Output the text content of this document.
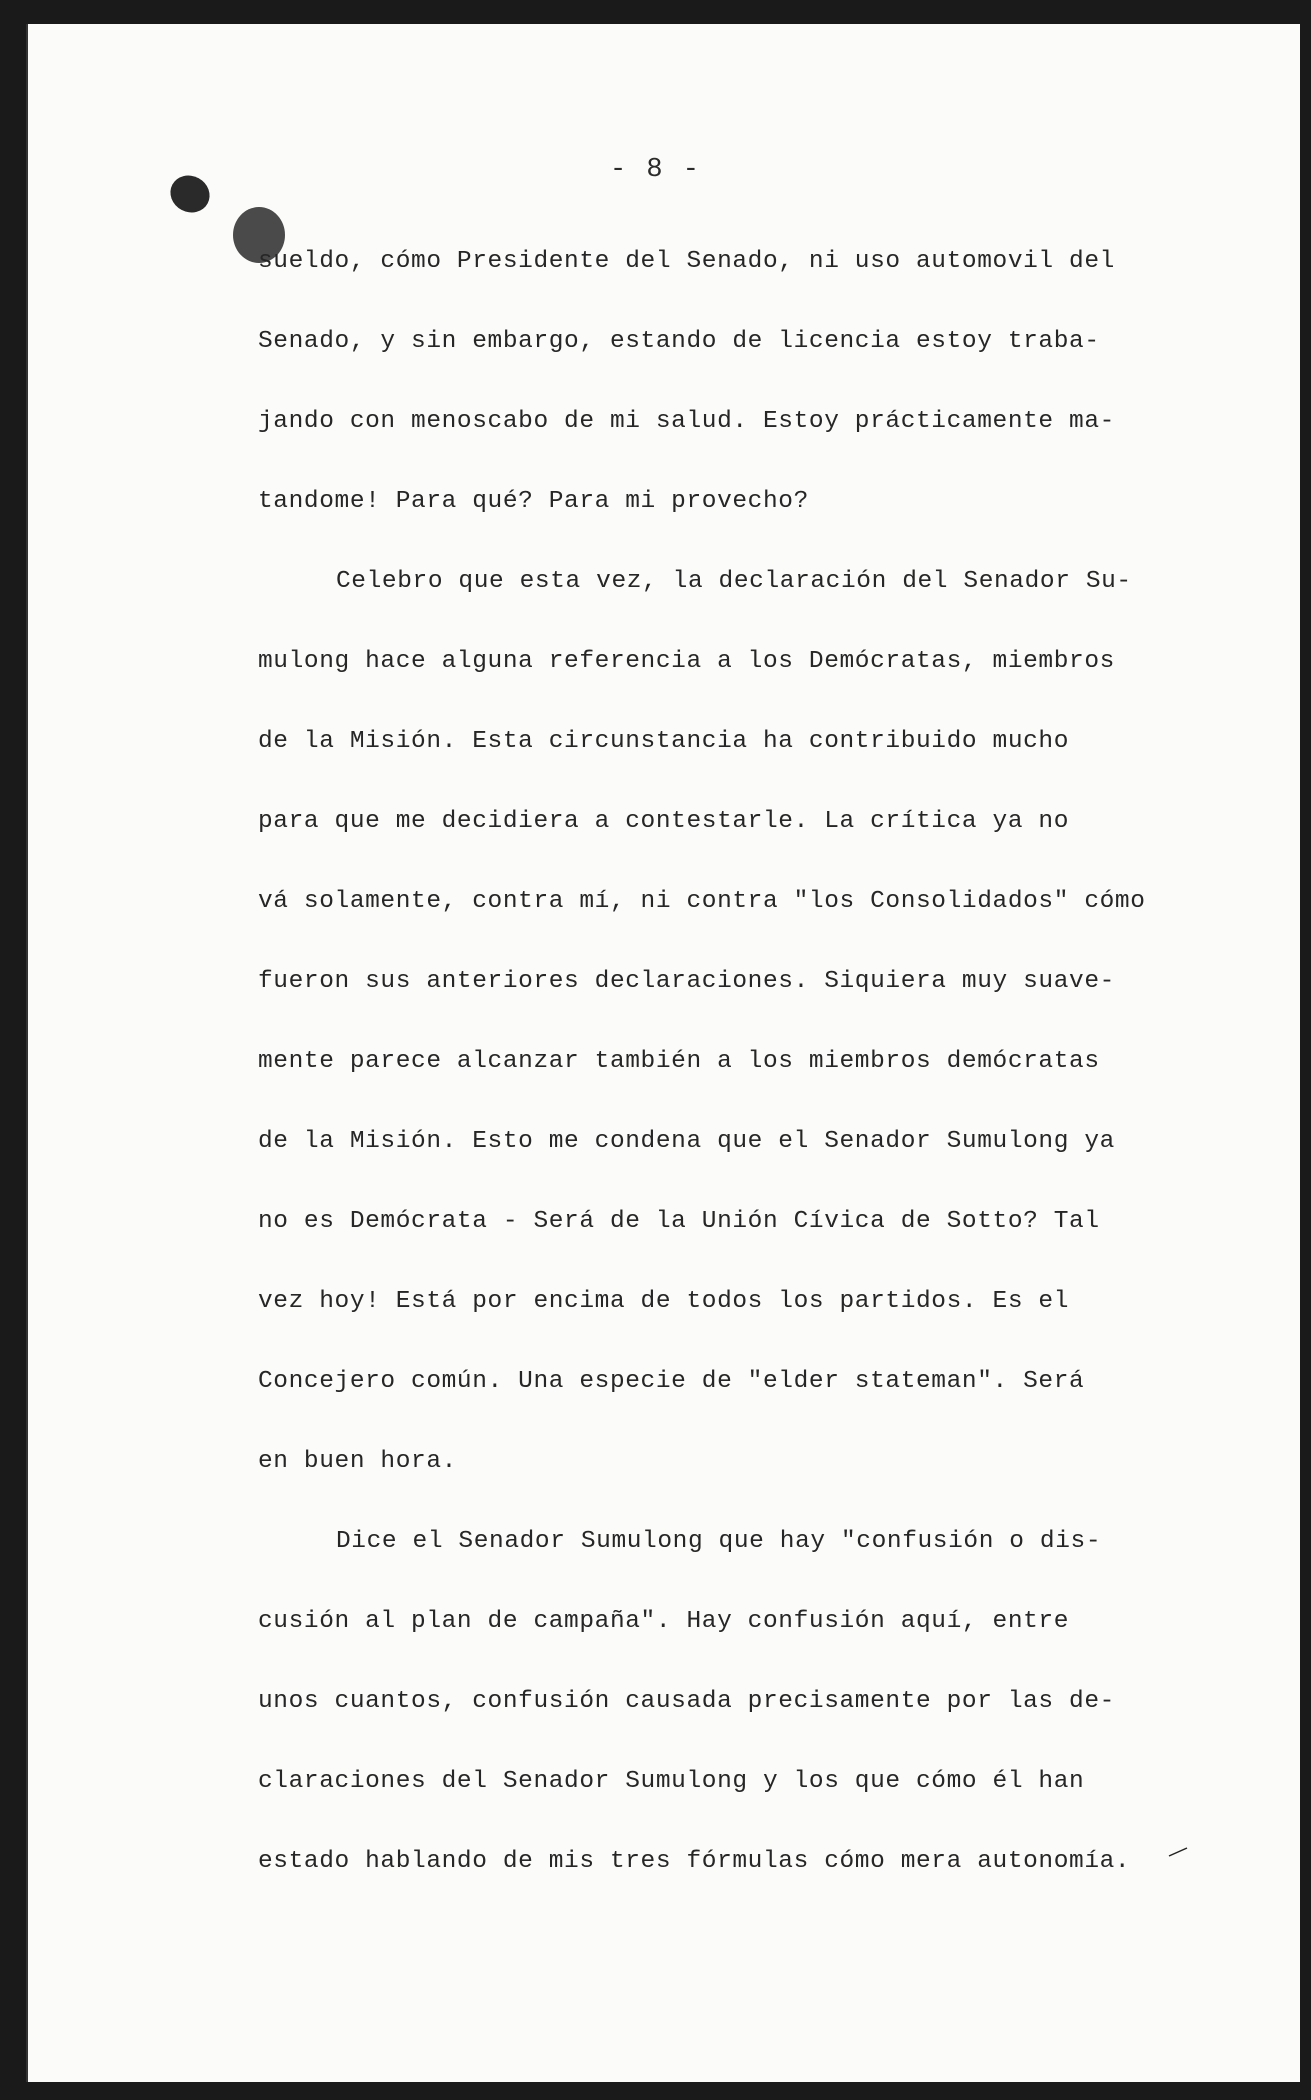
- 8 -
sueldo, cómo Presidente del Senado, ni uso automovil del
Senado, y sin embargo, estando de licencia estoy traba-
jando con menoscabo de mi salud. Estoy prácticamente ma-
tandome! Para qué? Para mi provecho?
Celebro que esta vez, la declaración del Senador Su-
mulong hace alguna referencia a los Demócratas, miembros
de la Misión. Esta circunstancia ha contribuido mucho
para que me decidiera a contestarle. La crítica ya no
vá solamente, contra mí, ni contra "los Consolidados" cómo
fueron sus anteriores declaraciones. Siquiera muy suave-
mente parece alcanzar también a los miembros demócratas
de la Misión. Esto me condena que el Senador Sumulong ya
no es Demócrata - Será de la Unión Cívica de Sotto? Tal
vez hoy! Está por encima de todos los partidos. Es el
Concejero común. Una especie de "elder stateman". Será
en buen hora.
Dice el Senador Sumulong que hay "confusión o dis-
cusión al plan de campaña". Hay confusión aquí, entre
unos cuantos, confusión causada precisamente por las de-
claraciones del Senador Sumulong y los que cómo él han
estado hablando de mis tres fórmulas cómo mera autonomía.
